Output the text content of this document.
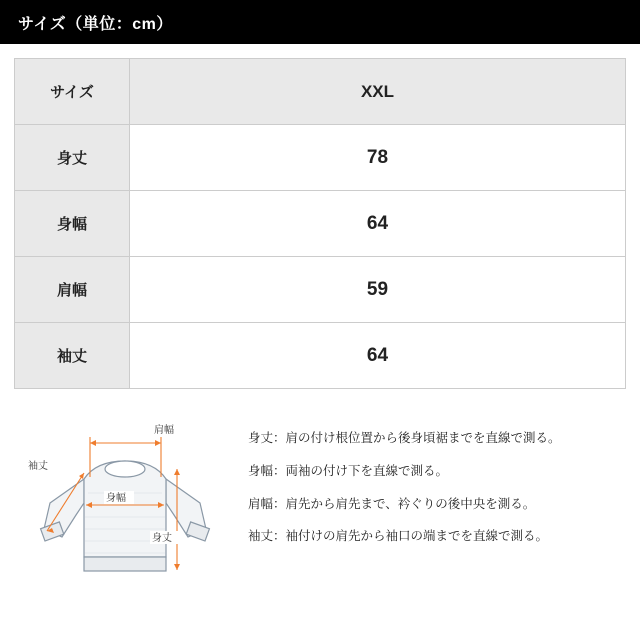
サイズ（単位：cm）
サイズ	XXL
身丈	78
身幅	64
肩幅	59
袖丈	64
肩幅
袖丈
身幅
身丈
身丈：肩の付け根位置から後身頃裾までを直線で測る。
身幅：両袖の付け下を直線で測る。
肩幅：肩先から肩先まで、衿ぐりの後中央を測る。
袖丈：袖付けの肩先から袖口の端までを直線で測る。
